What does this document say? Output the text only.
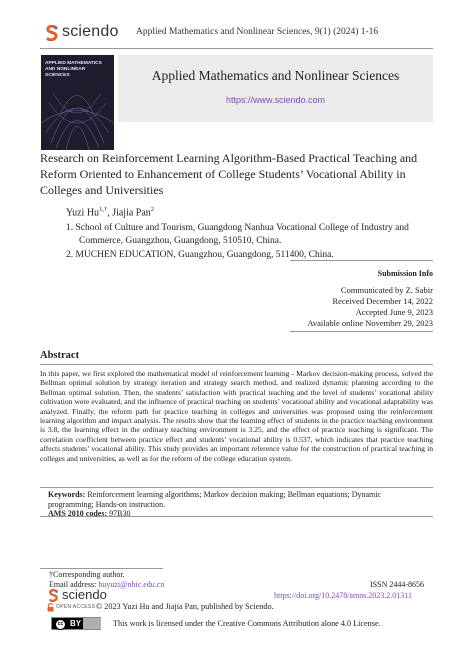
sciendo Applied Mathematics and Nonlinear Sciences, 9(1) (2024) 1-16
APPLIED MATHEMATICS AND NONLINEAR SCIENCES	Applied Mathematics and Nonlinear Sciences
https://www.sciendo.com
Research on Reinforcement Learning Algorithm-Based Practical Teaching and Reform Oriented to Enhancement of College Students’ Vocational Ability in Colleges and Universities
Yuzi $Hu^{1,\dagger}$, Jiajia Pan$^2$
1. School of Culture and Tourism, Guangdong Nanhua Vocational College of Industry and
Commerce, Guangzhou, Guangdong, 510510, China.
2. MUCHEN EDUCATION, Guangzhou, Guangdong, 511400, China.
Submission Info
Communicated by Z. Sabir
Received December 14, 2022
Accepted June 9, 2023
Available online November 29, 2023
Abstract
In this paper, we first explored the mathematical model of reinforcement learning - Markov decision-making process, solved the Bellman optimal solution by strategy iteration and strategy search method, and realized dynamic planning according to the Bellman optimal solution. Then, the students’ satisfaction with practical teaching and the level of students’ vocational ability cultivation were evaluated, and the influence of practical teaching on students’ vocational ability and vocational adaptability was analyzed. Finally, the reform path for practice teaching in colleges and universities was proposed using the reinforcement learning algorithm and impact analysis. The results show that the learning effect of students in the practice teaching environment is 3.8, the learning effect in the ordinary teaching environment is 3.25, and the effect of practice teaching is significant. The correlation coefficient between practice effect and students’ vocational ability is 0.537, which indicates that practice teaching affects students’ vocational ability. This study provides an important reference value for the construction of practical teaching in colleges and universities, as well as for the reform of the college education system.
Keywords: Reinforcement learning algorithms; Markov decision making; Bellman equations; Dynamic programming; Hands-on instruction.
AMS 2010 codes: 97B30
†Corresponding author.
Email address: huyuzi@nhic.edu.cn	ISSN 2444-8656
https://doi.org/10.2478/amns.2023.2.01311
sciendo
OPEN ACCESS © 2023 Yuzi Hu and Jiajia Pan, published by Sciendo.
cc BY	This work is licensed under the Creative Commons Attribution alone 4.0 License.
